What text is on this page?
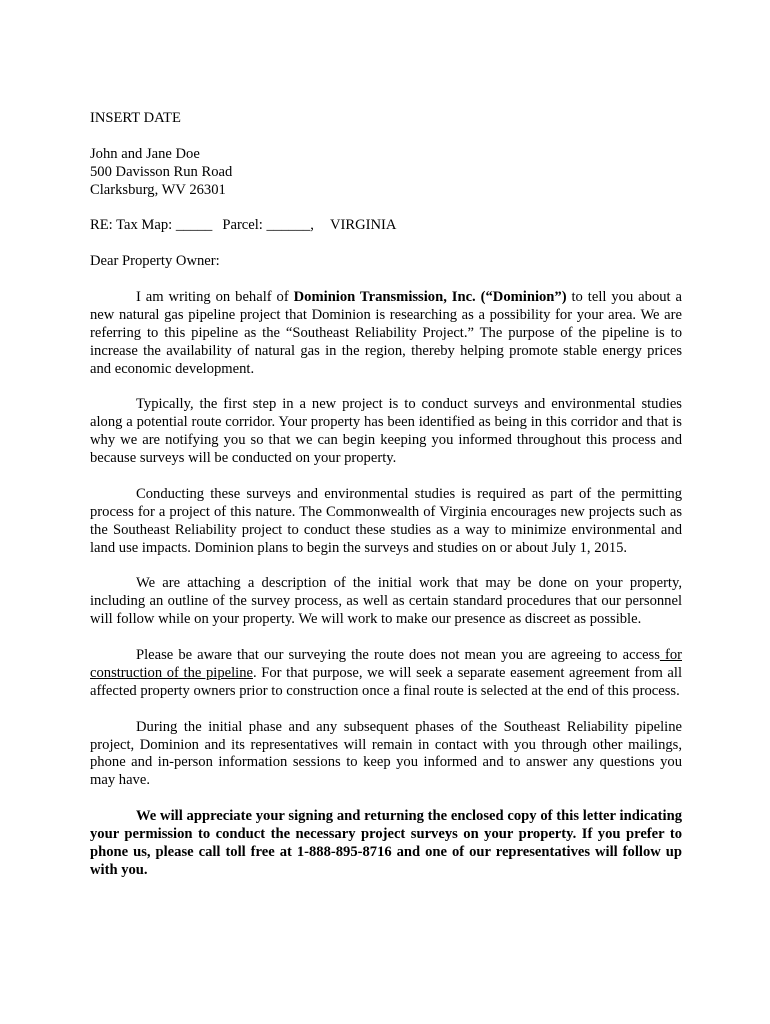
INSERT DATE
John and Jane Doe
500 Davisson Run Road
Clarksburg, WV 26301
RE: Tax Map: _____ Parcel: ______, VIRGINIA
Dear Property Owner:

I am writing on behalf of Dominion Transmission, Inc. (“Dominion”) to tell you about a new natural gas pipeline project that Dominion is researching as a possibility for your area. We are referring to this pipeline as the “Southeast Reliability Project.” The purpose of the pipeline is to increase the availability of natural gas in the region, thereby helping promote stable energy prices and economic development.

Typically, the first step in a new project is to conduct surveys and environmental studies along a potential route corridor. Your property has been identified as being in this corridor and that is why we are notifying you so that we can begin keeping you informed throughout this process and because surveys will be conducted on your property.

Conducting these surveys and environmental studies is required as part of the permitting process for a project of this nature. The Commonwealth of Virginia encourages new projects such as the Southeast Reliability project to conduct these studies as a way to minimize environmental and land use impacts. Dominion plans to begin the surveys and studies on or about July 1, 2015.

We are attaching a description of the initial work that may be done on your property, including an outline of the survey process, as well as certain standard procedures that our personnel will follow while on your property. We will work to make our presence as discreet as possible.

Please be aware that our surveying the route does not mean you are agreeing to access for construction of the pipeline. For that purpose, we will seek a separate easement agreement from all affected property owners prior to construction once a final route is selected at the end of this process.

During the initial phase and any subsequent phases of the Southeast Reliability pipeline project, Dominion and its representatives will remain in contact with you through other mailings, phone and in-person information sessions to keep you informed and to answer any questions you may have.

We will appreciate your signing and returning the enclosed copy of this letter indicating your permission to conduct the necessary project surveys on your property. If you prefer to phone us, please call toll free at 1-888-895-8716 and one of our representatives will follow up with you.
